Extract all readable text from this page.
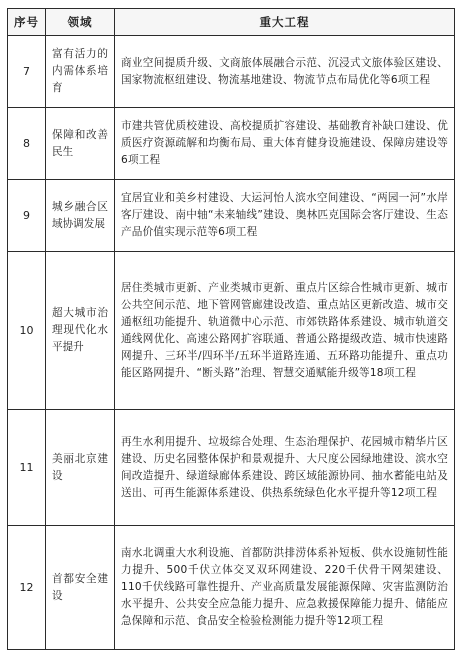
序号	领域	重大工程
7	富有活力的内需体系培育	商业空间提质升级、文商旅体展融合示范、沉浸式文旅体验区建设、国家物流枢纽建设、物流基地建设、物流节点布局优化等6项工程
8	保障和改善民生	市建共管优质校建设、高校提质扩容建设、基础教育补缺口建设、优质医疗资源疏解和均衡布局、重大体育健身设施建设、保障房建设等6项工程
9	城乡融合区域协调发展	宜居宜业和美乡村建设、大运河怡人滨水空间建设、“两园一河”水岸客厅建设、南中轴“未来轴线”建设、奥林匹克国际会客厅建设、生态产品价值实现示范等6项工程
10	超大城市治理现代化水平提升	居住类城市更新、产业类城市更新、重点片区综合性城市更新、城市公共空间示范、地下管网管廊建设改造、重点站区更新改造、城市交通枢纽功能提升、轨道微中心示范、市郊铁路体系建设、城市轨道交通线网优化、高速公路网扩容联通、普通公路提级改造、城市快速路网提升、三环半/四环半/五环半道路连通、五环路功能提升、重点功能区路网提升、“断头路”治理、智慧交通赋能升级等18项工程
11	美丽北京建设	再生水利用提升、垃圾综合处理、生态治理保护、花园城市精华片区建设、历史名园整体保护和景观提升、大尺度公园绿地建设、滨水空间改造提升、绿道绿廊体系建设、跨区域能源协同、抽水蓄能电站及送出、可再生能源体系建设、供热系统绿色化水平提升等12项工程
12	首都安全建设	南水北调重大水利设施、首都防洪排涝体系补短板、供水设施韧性能力提升、500千伏立体交叉双环网建设、220千伏骨干网架建设、110千伏线路可靠性提升、产业高质量发展能源保障、灾害监测防治水平提升、公共安全应急能力提升、应急救援保障能力提升、储能应急保障和示范、食品安全检验检测能力提升等12项工程
